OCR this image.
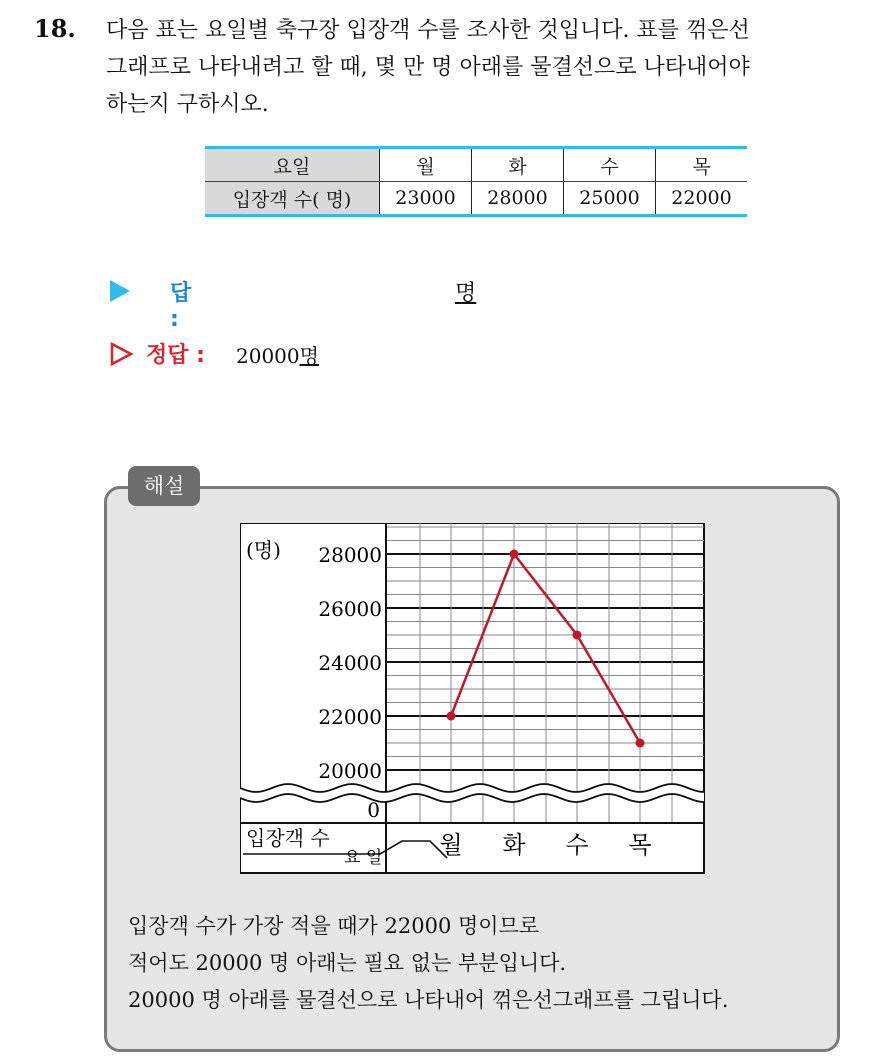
18. 다음 표는 요일별 축구장 입장객 수를 조사한 것입니다. 표를 꺾은선
그래프로 나타내려고 할 때, 몇 만 명 아래를 물결선으로 나타내어야
하는지 구하시오.
요일	월	화	수	목
입장객 수( 명)	23000	28000	25000	22000
답 :
명
정답 : 20000명
해설
(명) 28000
26000
24000
22000
20000
0
입장객 수
요 일 월 화 수 목
입장객 수가 가장 적을 때가 22000 명이므로
적어도 20000 명 아래는 필요 없는 부분입니다.
20000 명 아래를 물결선으로 나타내어 꺾은선그래프를 그립니다.
